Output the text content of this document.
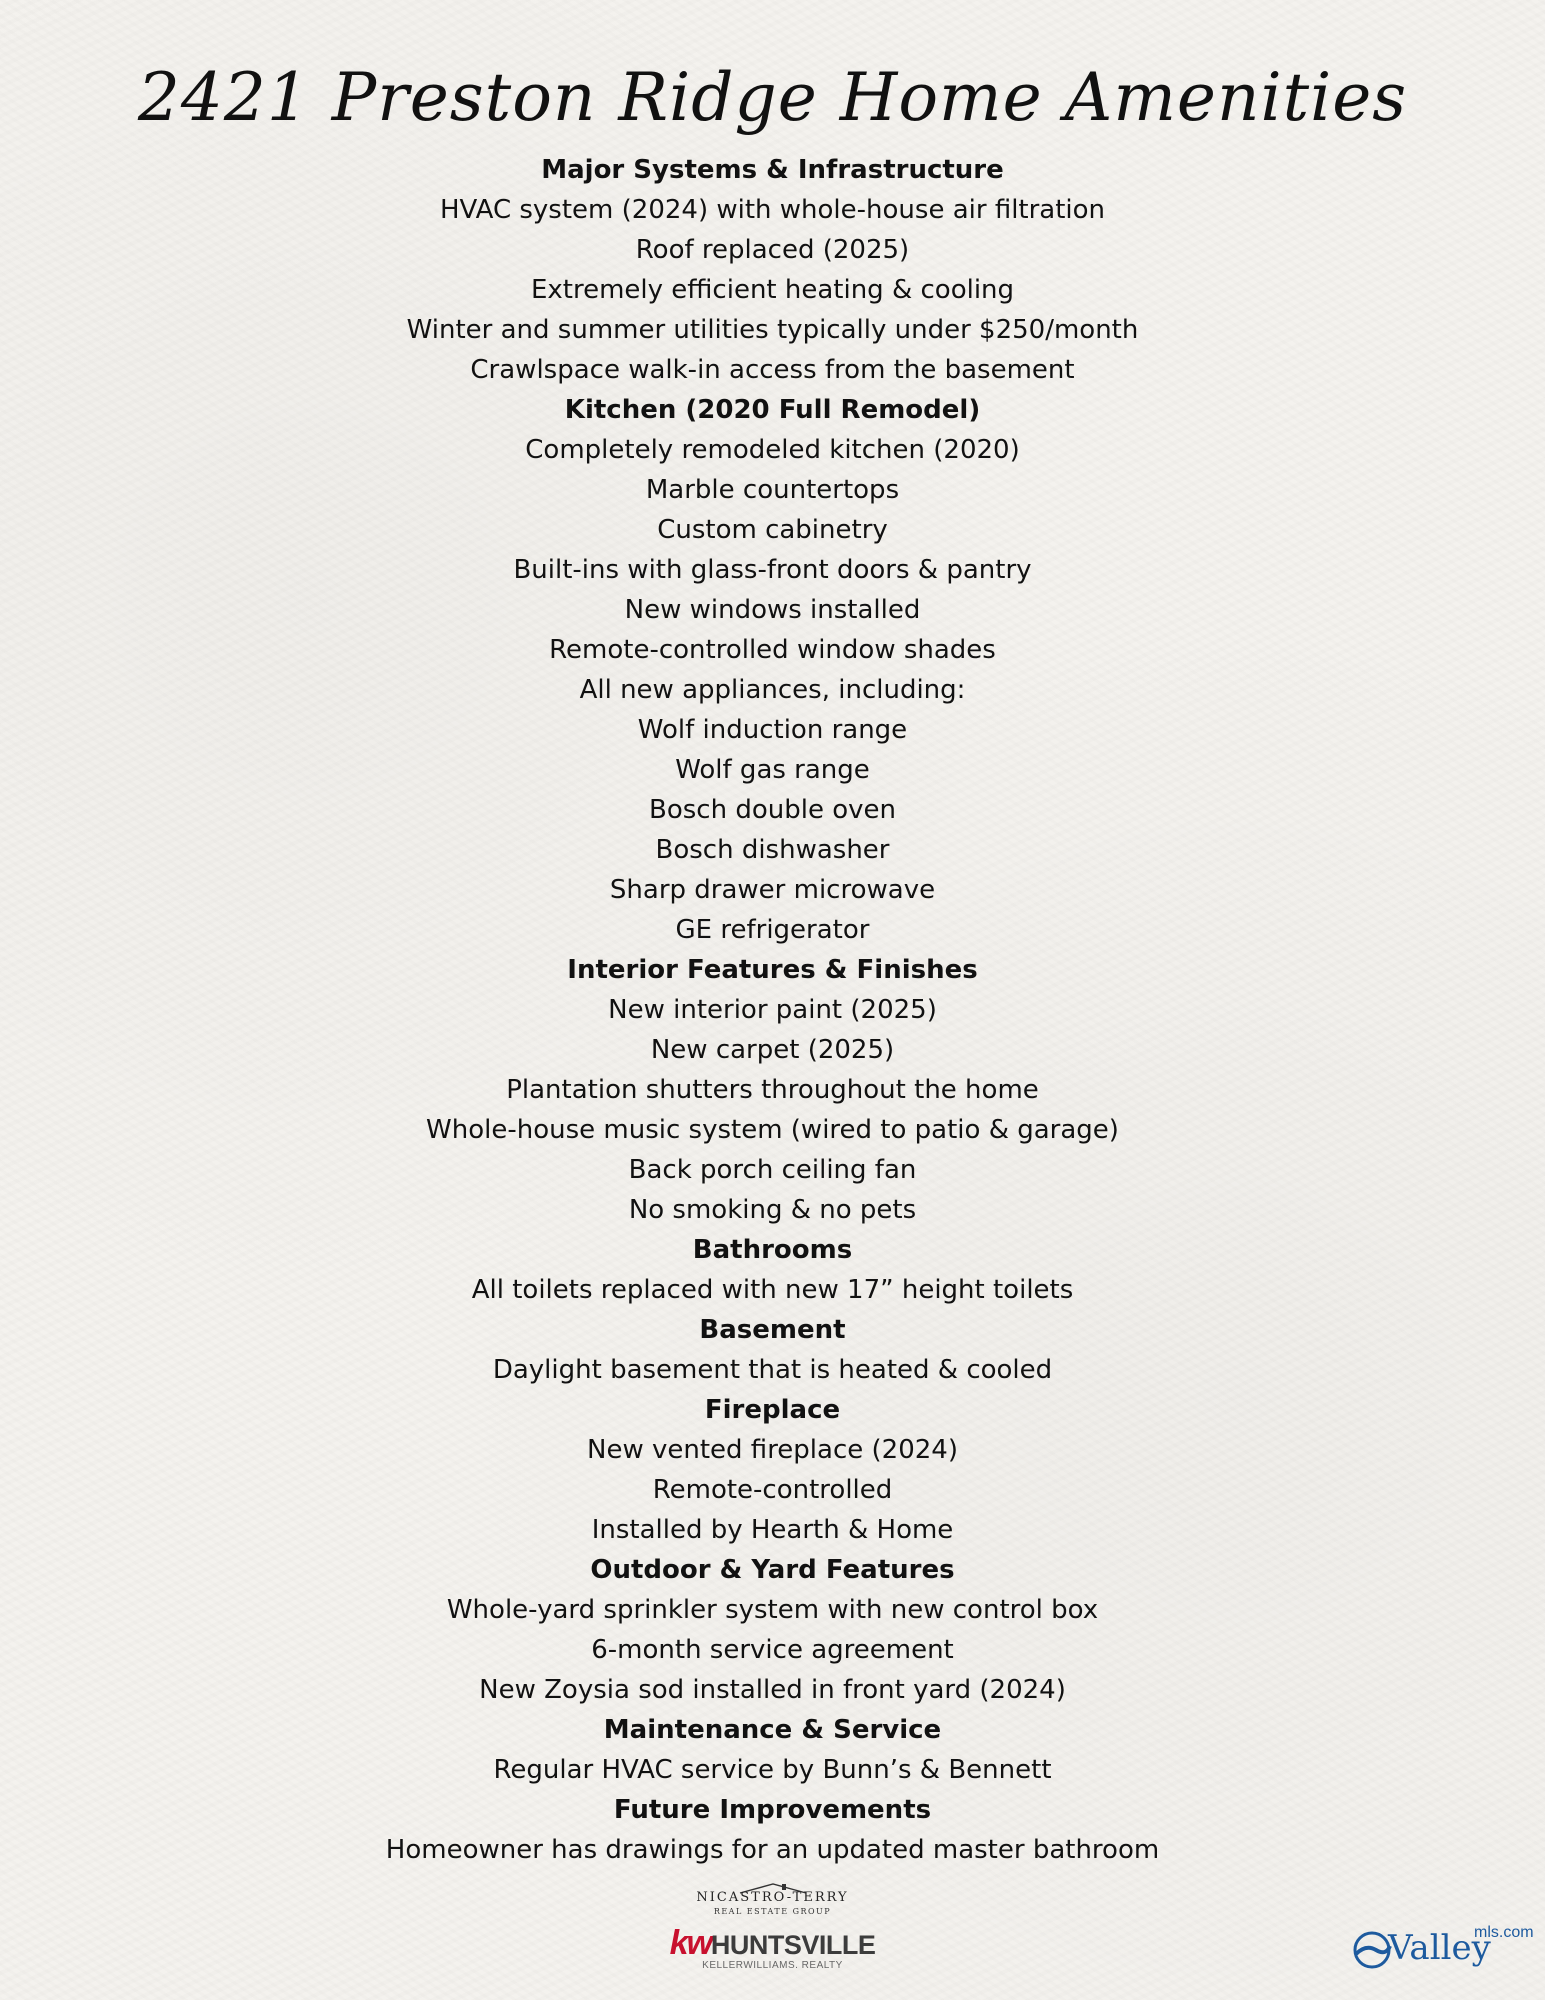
2421 Preston Ridge Home Amenities
Major Systems & Infrastructure
HVAC system (2024) with whole-house air filtration
Roof replaced (2025)
Extremely efficient heating & cooling
Winter and summer utilities typically under $250/month
Crawlspace walk-in access from the basement
Kitchen (2020 Full Remodel)
Completely remodeled kitchen (2020)
Marble countertops
Custom cabinetry
Built-ins with glass-front doors & pantry
New windows installed
Remote-controlled window shades
All new appliances, including:
Wolf induction range
Wolf gas range
Bosch double oven
Bosch dishwasher
Sharp drawer microwave
GE refrigerator
Interior Features & Finishes
New interior paint (2025)
New carpet (2025)
Plantation shutters throughout the home
Whole-house music system (wired to patio & garage)
Back porch ceiling fan
No smoking & no pets
Bathrooms
All toilets replaced with new 17” height toilets
Basement
Daylight basement that is heated & cooled
Fireplace
New vented fireplace (2024)
Remote-controlled
Installed by Hearth & Home
Outdoor & Yard Features
Whole-yard sprinkler system with new control box
6-month service agreement
New Zoysia sod installed in front yard (2024)
Maintenance & Service
Regular HVAC service by Bunn’s & Bennett
Future Improvements
Homeowner has drawings for an updated master bathroom
NICASTRO-TERRY
REAL ESTATE GROUP
kwHUNTSVILLE
KELLERWILLIAMS. REALTY	Valley
mls.com
